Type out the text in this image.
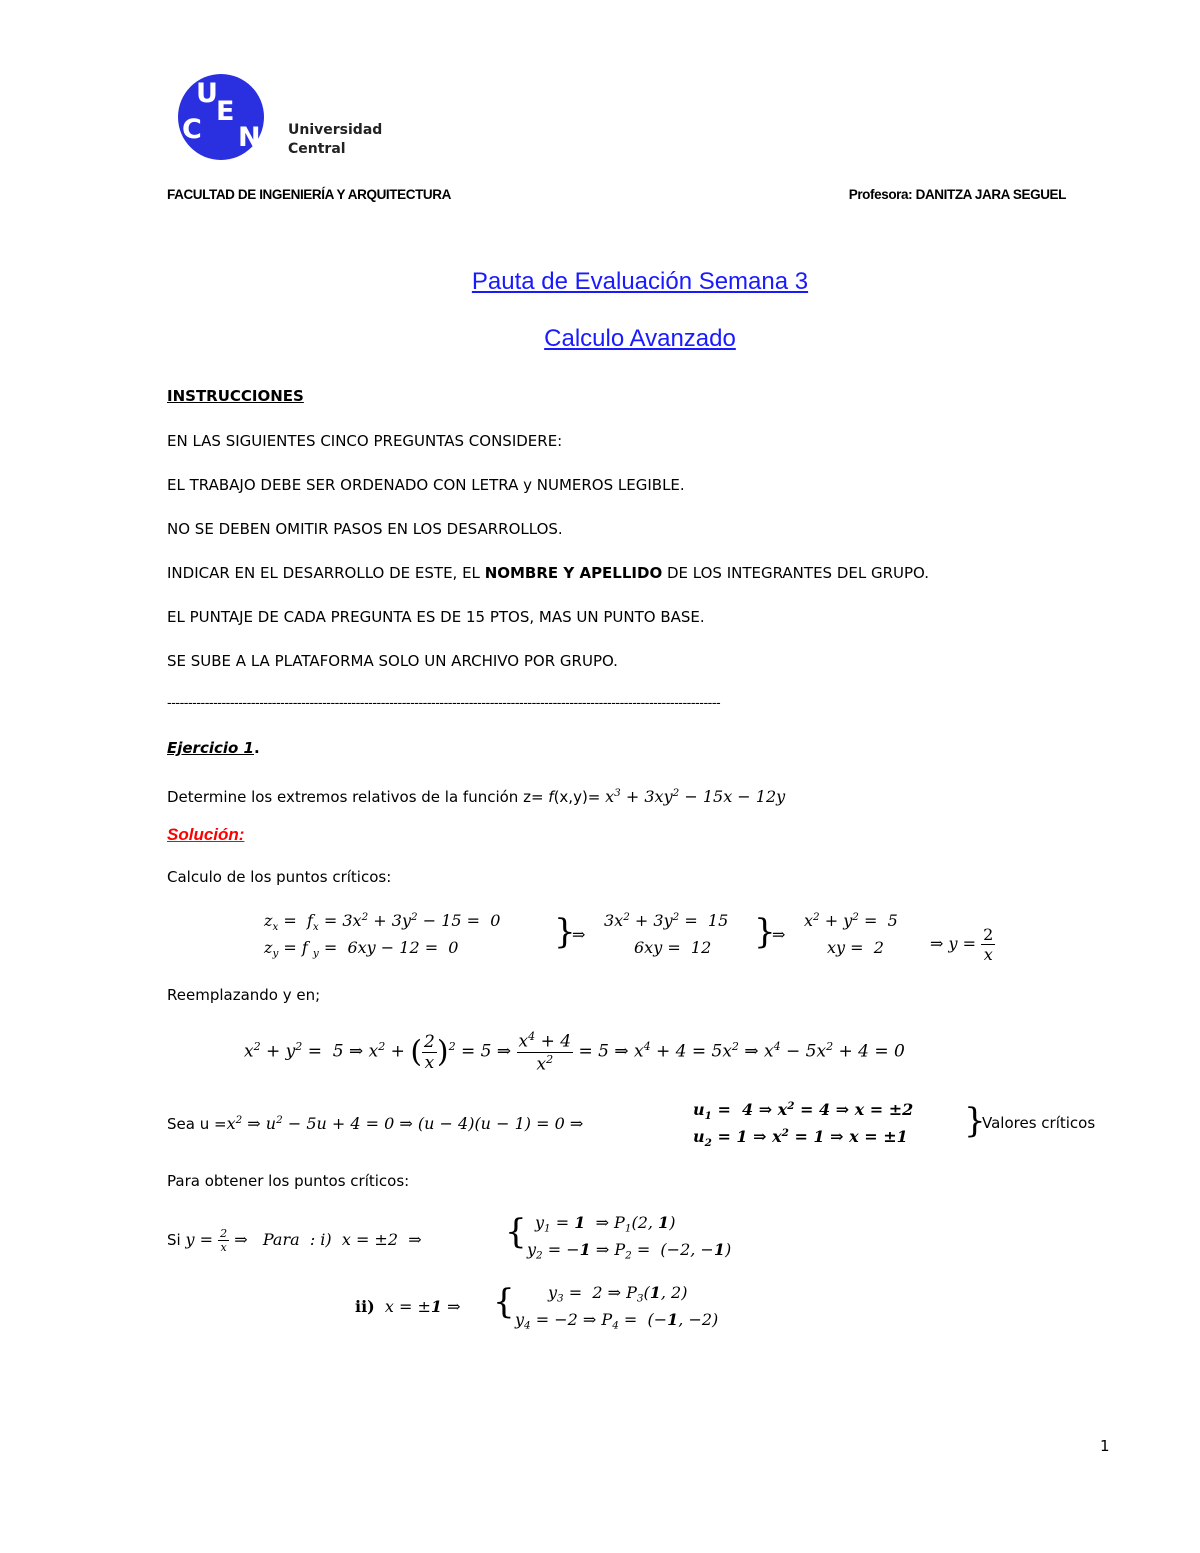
U
C
E
N Universidad
Central
FACULTAD DE INGENIERÍA Y ARQUITECTURA	Profesora: DANITZA JARA SEGUEL
Pauta de Evaluación Semana 3
Calculo Avanzado
INSTRUCCIONES
EN LAS SIGUIENTES CINCO PREGUNTAS CONSIDERE:
EL TRABAJO DEBE SER ORDENADO CON LETRA y NUMEROS LEGIBLE.
NO SE DEBEN OMITIR PASOS EN LOS DESARROLLOS.
INDICAR EN EL DESARROLLO DE ESTE, EL NOMBRE Y APELLIDO DE LOS INTEGRANTES DEL GRUPO.
EL PUNTAJE DE CADA PREGUNTA ES DE 15 PTOS, MAS UN PUNTO BASE.
SE SUBE A LA PLATAFORMA SOLO UN ARCHIVO POR GRUPO.
------------------------------------------------------------------------------------------------------------------------------------
Ejercicio 1.
Determine los extremos relativos de la función $z= f(x,y)= x^3 + 3xy^2 - 15x - 12y$
Solución:
Calculo de los puntos críticos:
$z_x = f_x = 3x^2 + 3y^2 - 15 = 0$
$z_y = f$ $_y$ =  6xy − 12 =  0	}
⇒
$3x^2 + 3y^2 = 15$
6xy =  12 }
⇒
$x^2 + y^2 = 5$
xy =  2	⇒ $y = \frac{2}{x}$
Reemplazando y en;
$x^2 + y^2 = 5$ ⇒ $x^2$ + ( $\frac{2}{x} )^2 = 5$ ⇒ $\frac{x^4 + 4}{x^2} = 5$ ⇒ $x^4 + 4 = 5x^2$ ⇒ $x^4 - 5x^2 + 4 = 0$
Sea $u =x^2$ ⇒ $u^2 - 5u + 4 = 0$ ⇒ (u − 4)(u − 1) = 0 ⇒
$u_1 = 4$ ⇒ $x^2 = 4$ ⇒ x = ±2
$u_2 = 1$ ⇒ $x^2 = 1$ ⇒ x = ±1 }
Valores críticos
Para obtener los puntos críticos:
Si $y = \frac{2}{x}$ ⇒   Para : i)  x = ±2  ⇒ { $y_1 = 1$  ⇒ $P_1(2$, 1)
$y_2 = -1$ ⇒ $P_2 = (-2$, −1)
ii)  x = ±1 ⇒ { $y_3 = 2$ ⇒ $P_3(1$, 2)
$y_4 = -2$ ⇒ $P_4 = (-1$, −2)
1
